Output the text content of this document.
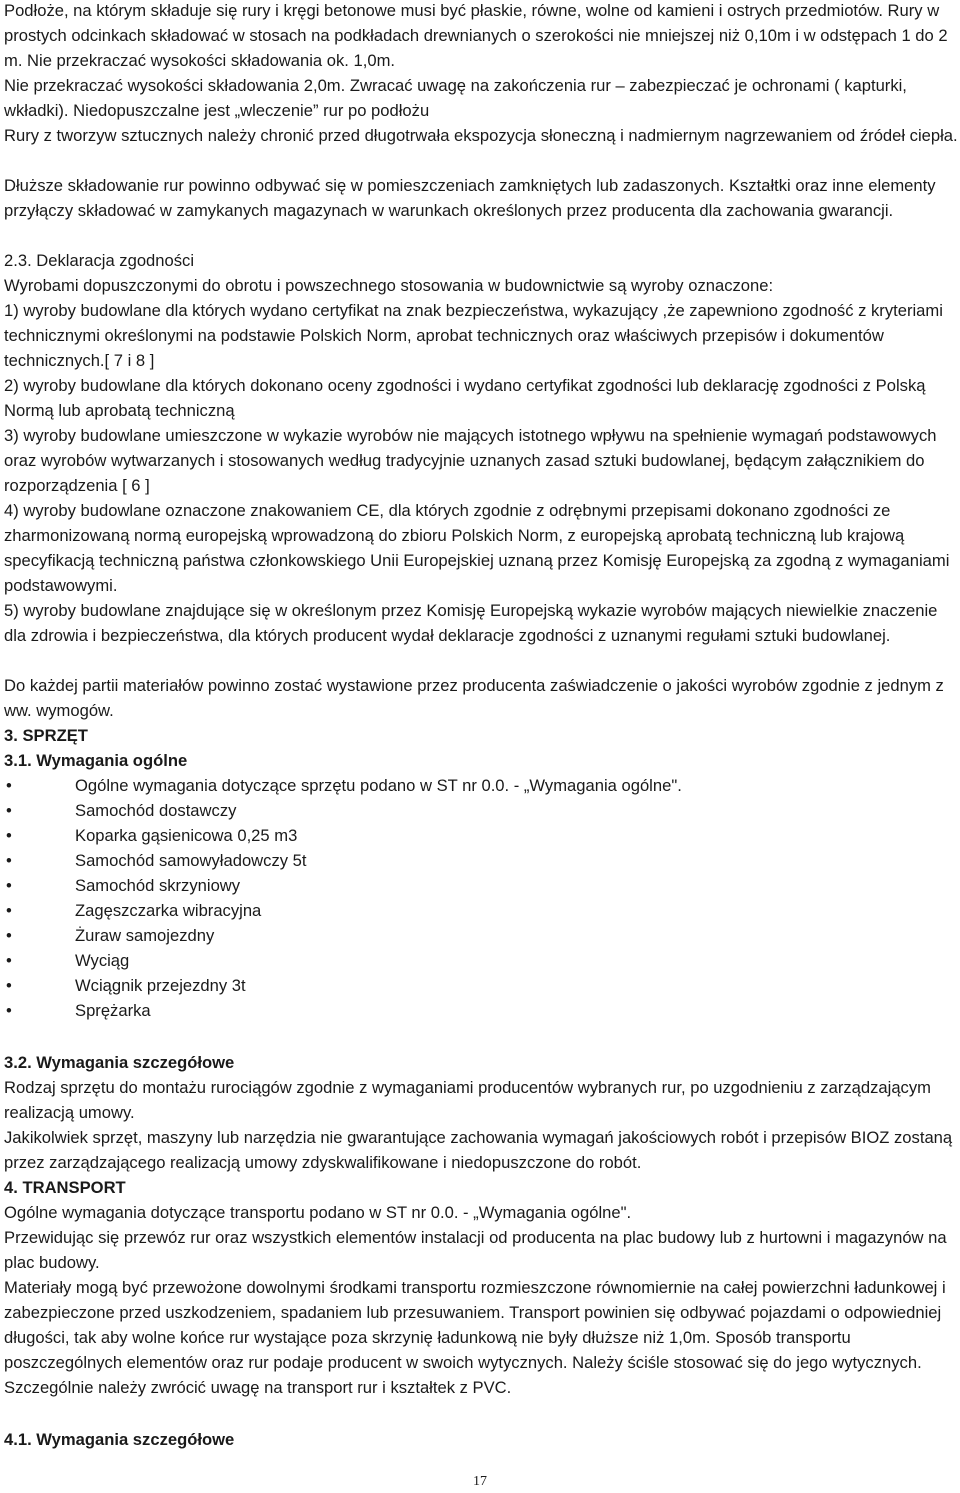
Podłoże, na którym składuje się rury i kręgi betonowe musi być płaskie, równe, wolne od kamieni i ostrych przedmiotów. Rury w prostych odcinkach składować w stosach na podkładach drewnianych o szerokości nie mniejszej niż 0,10m i w odstępach 1 do 2 m. Nie przekraczać wysokości składowania ok. 1,0m.

Nie przekraczać wysokości składowania 2,0m. Zwracać uwagę na zakończenia rur – zabezpieczać je ochronami ( kapturki, wkładki). Niedopuszczalne jest „wleczenie” rur po podłożu

Rury z tworzyw sztucznych należy chronić przed długotrwała ekspozycja słoneczną i nadmiernym nagrzewaniem od źródeł ciepła.

Dłuższe składowanie rur powinno odbywać się w pomieszczeniach zamkniętych lub zadaszonych. Kształtki oraz inne elementy przyłączy składować w zamykanych magazynach w warunkach określonych przez producenta dla zachowania gwarancji.

2.3. Deklaracja zgodności

Wyrobami dopuszczonymi do obrotu i powszechnego stosowania w budownictwie są wyroby oznaczone:

1) wyroby budowlane dla których wydano certyfikat na znak bezpieczeństwa, wykazujący ,że zapewniono zgodność z kryteriami technicznymi określonymi na podstawie Polskich Norm, aprobat technicznych oraz właściwych przepisów i dokumentów technicznych.[ 7 i 8 ]

2) wyroby budowlane dla których dokonano oceny zgodności i wydano certyfikat zgodności lub deklarację zgodności z Polską Normą lub aprobatą techniczną

3) wyroby budowlane umieszczone w wykazie wyrobów nie mających istotnego wpływu na spełnienie wymagań podstawowych oraz wyrobów wytwarzanych i stosowanych według tradycyjnie uznanych zasad sztuki budowlanej, będącym załącznikiem do rozporządzenia [ 6 ]

4) wyroby budowlane oznaczone znakowaniem CE, dla których zgodnie z odrębnymi przepisami dokonano zgodności ze zharmonizowaną normą europejską wprowadzoną do zbioru Polskich Norm, z europejską aprobatą techniczną lub krajową specyfikacją techniczną państwa członkowskiego Unii Europejskiej uznaną przez Komisję Europejską za zgodną z wymaganiami podstawowymi.

5) wyroby budowlane znajdujące się w określonym przez Komisję Europejską wykazie wyrobów mających niewielkie znaczenie dla zdrowia i bezpieczeństwa, dla których producent wydał deklaracje zgodności z uznanymi regułami sztuki budowlanej.

Do każdej partii materiałów powinno zostać wystawione przez producenta zaświadczenie o jakości wyrobów zgodnie z jednym z ww. wymogów.

3. SPRZĘT

3.1. Wymagania ogólne

•	Ogólne wymagania dotyczące sprzętu podano w ST nr 0.0. - „Wymagania ogólne".
•	Samochód dostawczy
•	Koparka gąsienicowa 0,25 m3
•	Samochód samowyładowczy 5t
•	Samochód skrzyniowy
•	Zagęszczarka wibracyjna
•	Żuraw samojezdny
•	Wyciąg
•	Wciągnik przejezdny 3t
•	Sprężarka

3.2. Wymagania szczegółowe

Rodzaj sprzętu do montażu rurociągów zgodnie z wymaganiami producentów wybranych rur, po uzgodnieniu z zarządzającym realizacją umowy.

Jakikolwiek sprzęt, maszyny lub narzędzia nie gwarantujące zachowania wymagań jakościowych robót i przepisów BIOZ zostaną przez zarządzającego realizacją umowy zdyskwalifikowane i niedopuszczone do robót.

4. TRANSPORT

Ogólne wymagania dotyczące transportu podano w ST nr 0.0. - „Wymagania ogólne".

Przewidując się przewóz rur oraz wszystkich elementów instalacji od producenta na plac budowy lub z hurtowni i magazynów na plac budowy.

Materiały mogą być przewożone dowolnymi środkami transportu rozmieszczone równomiernie na całej powierzchni ładunkowej i zabezpieczone przed uszkodzeniem, spadaniem lub przesuwaniem. Transport powinien się odbywać pojazdami o odpowiedniej długości, tak aby wolne końce rur wystające poza skrzynię ładunkową nie były dłuższe niż 1,0m. Sposób transportu poszczególnych elementów oraz rur podaje producent w swoich wytycznych. Należy ściśle stosować się do jego wytycznych. Szczególnie należy zwrócić uwagę na transport rur i kształtek z PVC.

4.1. Wymagania szczegółowe

17
